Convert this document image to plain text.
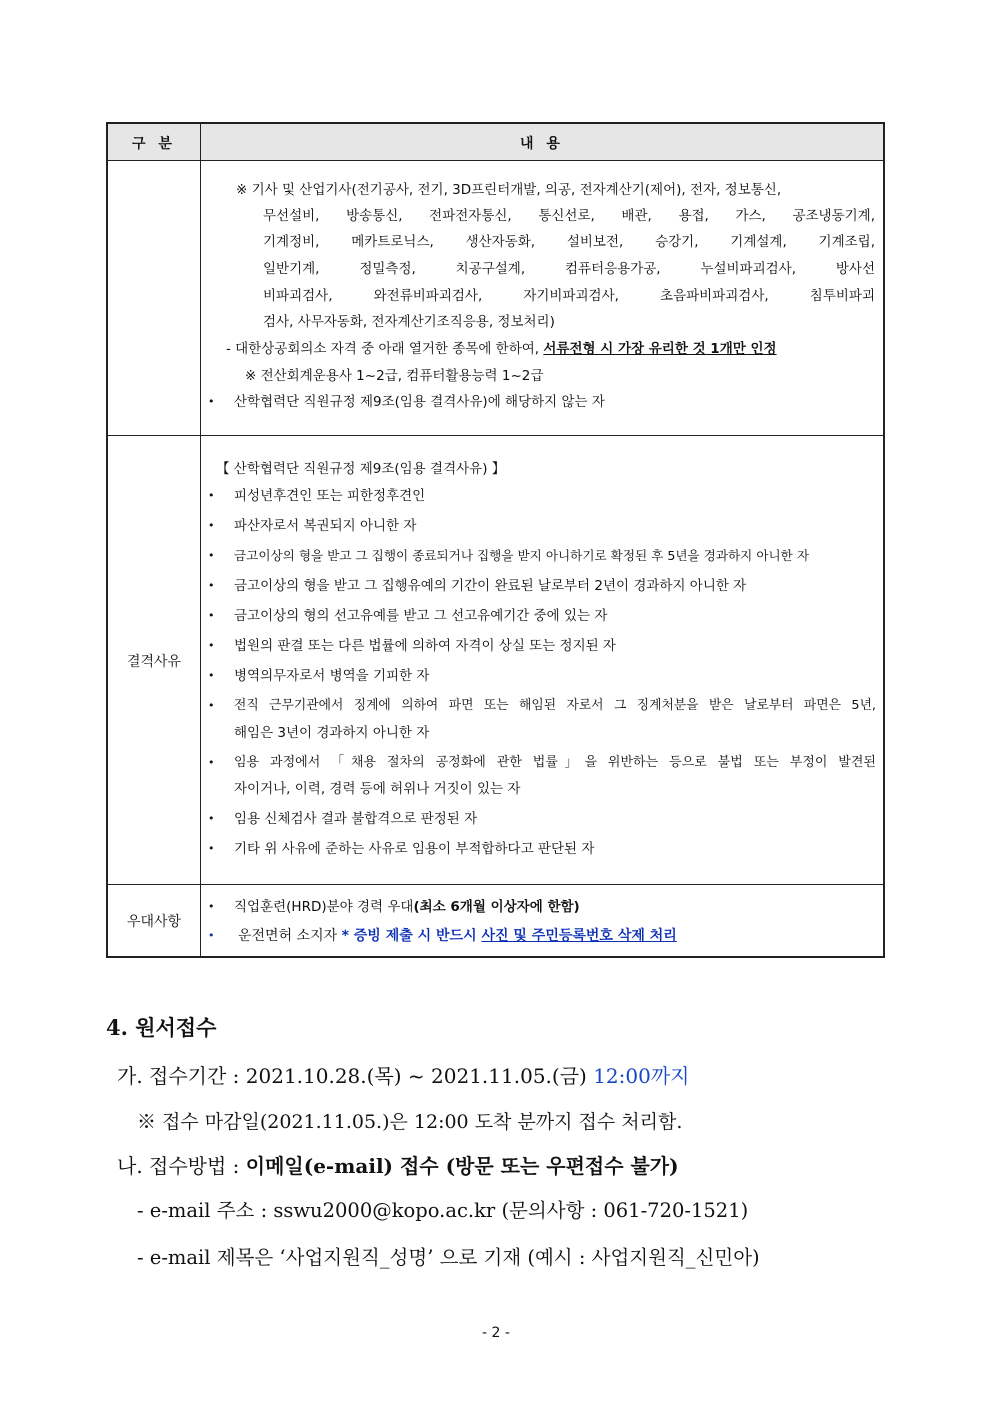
구 분	내 용
※ 기사 및 산업기사(전기공사, 전기, 3D프린터개발, 의공, 전자계산기(제어), 전자, 정보통신,
무선설비, 방송통신, 전파전자통신, 통신선로, 배관, 용접, 가스, 공조냉동기계,
기계정비, 메카트로닉스, 생산자동화, 설비보전, 승강기, 기계설계, 기계조립,
일반기계, 정밀측정, 치공구설계, 컴퓨터응용가공, 누설비파괴검사, 방사선
비파괴검사, 와전류비파괴검사, 자기비파괴검사, 초음파비파괴검사, 침투비파괴
검사, 사무자동화, 전자계산기조직응용, 정보처리)
- 대한상공회의소 자격 중 아래 열거한 종목에 한하여, 서류전형 시 가장 유리한 것 1개만 인정
※ 전산회계운용사 1~2급, 컴퓨터활용능력 1~2급
• 산학협력단 직원규정 제9조(임용 결격사유)에 해당하지 않는 자
결격사유
【 산학협력단 직원규정 제9조(임용 결격사유) 】
• 피성년후견인 또는 피한정후견인
• 파산자로서 복권되지 아니한 자
• 금고이상의 형을 받고 그 집행이 종료되거나 집행을 받지 아니하기로 확정된 후 5년을 경과하지 아니한 자
• 금고이상의 형을 받고 그 집행유예의 기간이 완료된 날로부터 2년이 경과하지 아니한 자
• 금고이상의 형의 선고유예를 받고 그 선고유예기간 중에 있는 자
• 법원의 판결 또는 다른 법률에 의하여 자격이 상실 또는 정지된 자
• 병역의무자로서 병역을 기피한 자
• 전직 근무기관에서 징계에 의하여 파면 또는 해임된 자로서 그 징계처분을 받은 날로부터 파면은 5년,
해임은 3년이 경과하지 아니한 자
• 임용 과정에서 「채용 절차의 공정화에 관한 법률」을 위반하는 등으로 불법 또는 부정이 발견된
자이거나, 이력, 경력 등에 허위나 거짓이 있는 자
• 임용 신체검사 결과 불합격으로 판정된 자
• 기타 위 사유에 준하는 사유로 임용이 부적합하다고 판단된 자
우대사항
• 직업훈련(HRD)분야 경력 우대(최소 6개월 이상자에 한함)
• 운전면허 소지자 * 증빙 제출 시 반드시 사진 및 주민등록번호 삭제 처리
4. 원서접수
가. 접수기간 : 2021.10.28.(목) ~ 2021.11.05.(금) 12:00까지
※ 접수 마감일(2021.11.05.)은 12:00 도착 분까지 접수 처리함.
나. 접수방법 : 이메일(e-mail) 접수 (방문 또는 우편접수 불가)
- e-mail 주소 : sswu2000@kopo.ac.kr (문의사항 : 061-720-1521)
- e-mail 제목은 ‘사업지원직_성명’ 으로 기재 (예시 : 사업지원직_신민아)
- 2 -
